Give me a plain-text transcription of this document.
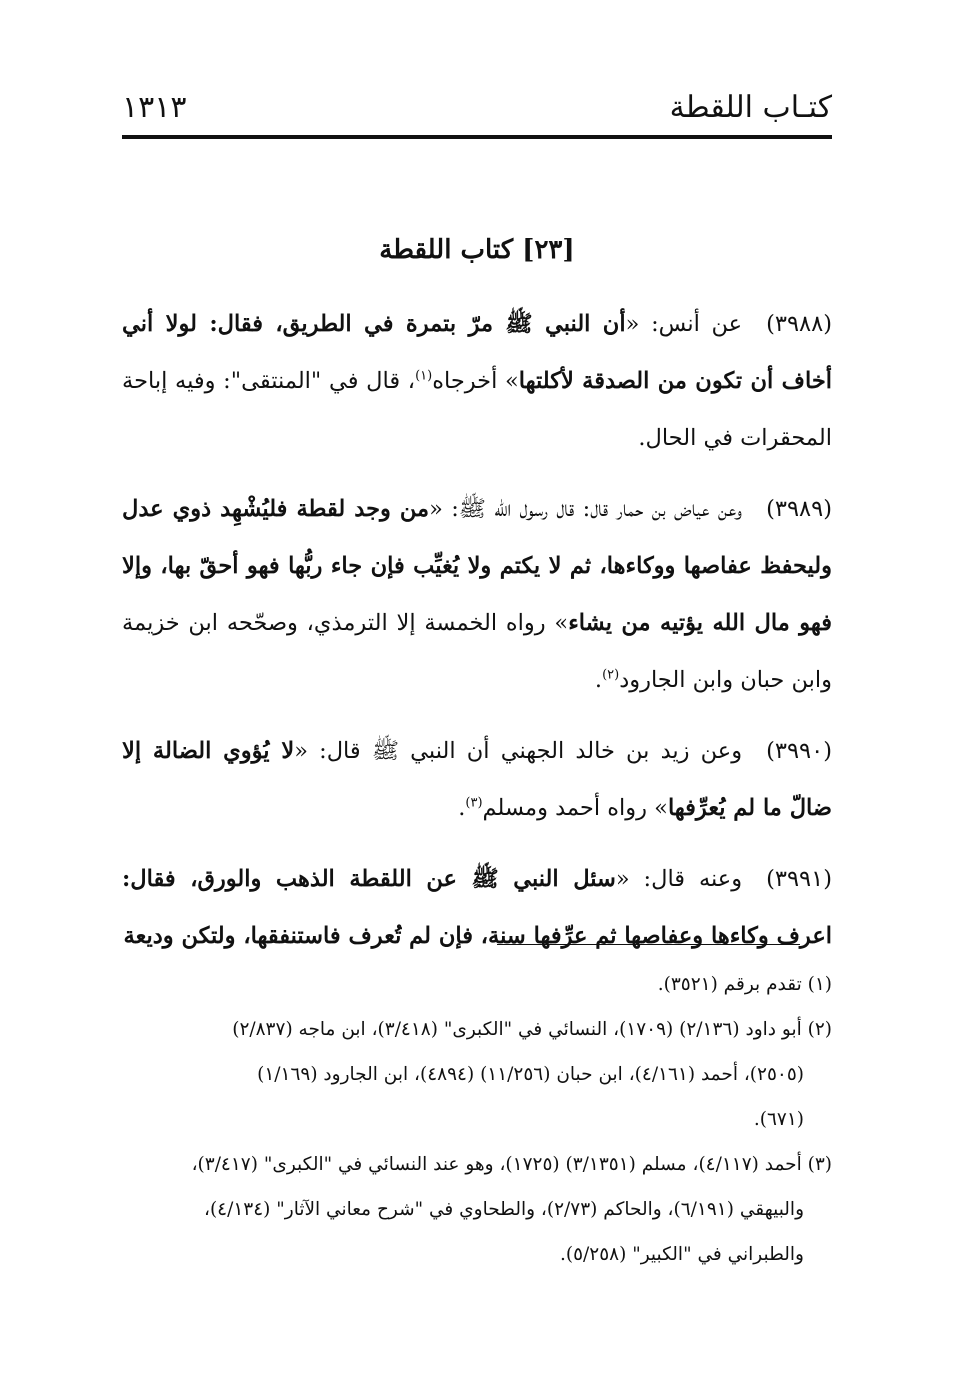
كتـاب اللقطة
١٣١٣
[٢٣] كتاب اللقطة

(٣٩٨٨)عن أنس: «أن النبي ﷺ مرّ بتمرة في الطريق، فقال: لولا أني أخاف أن تكون من الصدقة لأكلتها» أخرجاه$^{(١)}$، قال في "المنتقى": وفيه إباحة المحقرات في الحال.

(٣٩٨٩)وعن عياض بن حمار قال: قال رسول الله ﷺ: «من وجد لقطة فليُشْهِد ذوي عدل وليحفظ عفاصها ووكاءها، ثم لا يكتم ولا يُغيِّب فإن جاء ربُّها فهو أحقّ بها، وإلا فهو مال الله يؤتيه من يشاء» رواه الخمسة إلا الترمذي، وصحّحه ابن خزيمة وابن حبان وابن الجارود$^{(٢)}$.

(٣٩٩٠)وعن زيد بن خالد الجهني أن النبي ﷺ قال: «لا يُؤوي الضالة إلا ضالّ ما لم يُعرِّفها» رواه أحمد ومسلم$^{(٣)}$.

(٣٩٩١)وعنه قال: «سئل النبي ﷺ عن اللقطة الذهب والورق، فقال: اعرف وكاءها وعفاصها ثم عرِّفها سنة، فإن لم تُعرف فاستنفقها، ولتكن وديعة

(١) تقدم برقم (٣٥٢١).

(٢) أبو داود (٢/١٣٦) (١٧٠٩)، النسائي في "الكبرى" (٣/٤١٨)، ابن ماجه (٢/٨٣٧)

(٢٥٠٥)، أحمد (٤/١٦١)، ابن حبان (١١/٢٥٦) (٤٨٩٤)، ابن الجارود (١/١٦٩)

(٦٧١).

(٣) أحمد (٤/١١٧)، مسلم (٣/١٣٥١) (١٧٢٥)، وهو عند النسائي في "الكبرى" (٣/٤١٧)،

والبيهقي (٦/١٩١)، والحاكم (٢/٧٣)، والطحاوي في "شرح معاني الآثار" (٤/١٣٤)،

والطبراني في "الكبير" (٥/٢٥٨).
